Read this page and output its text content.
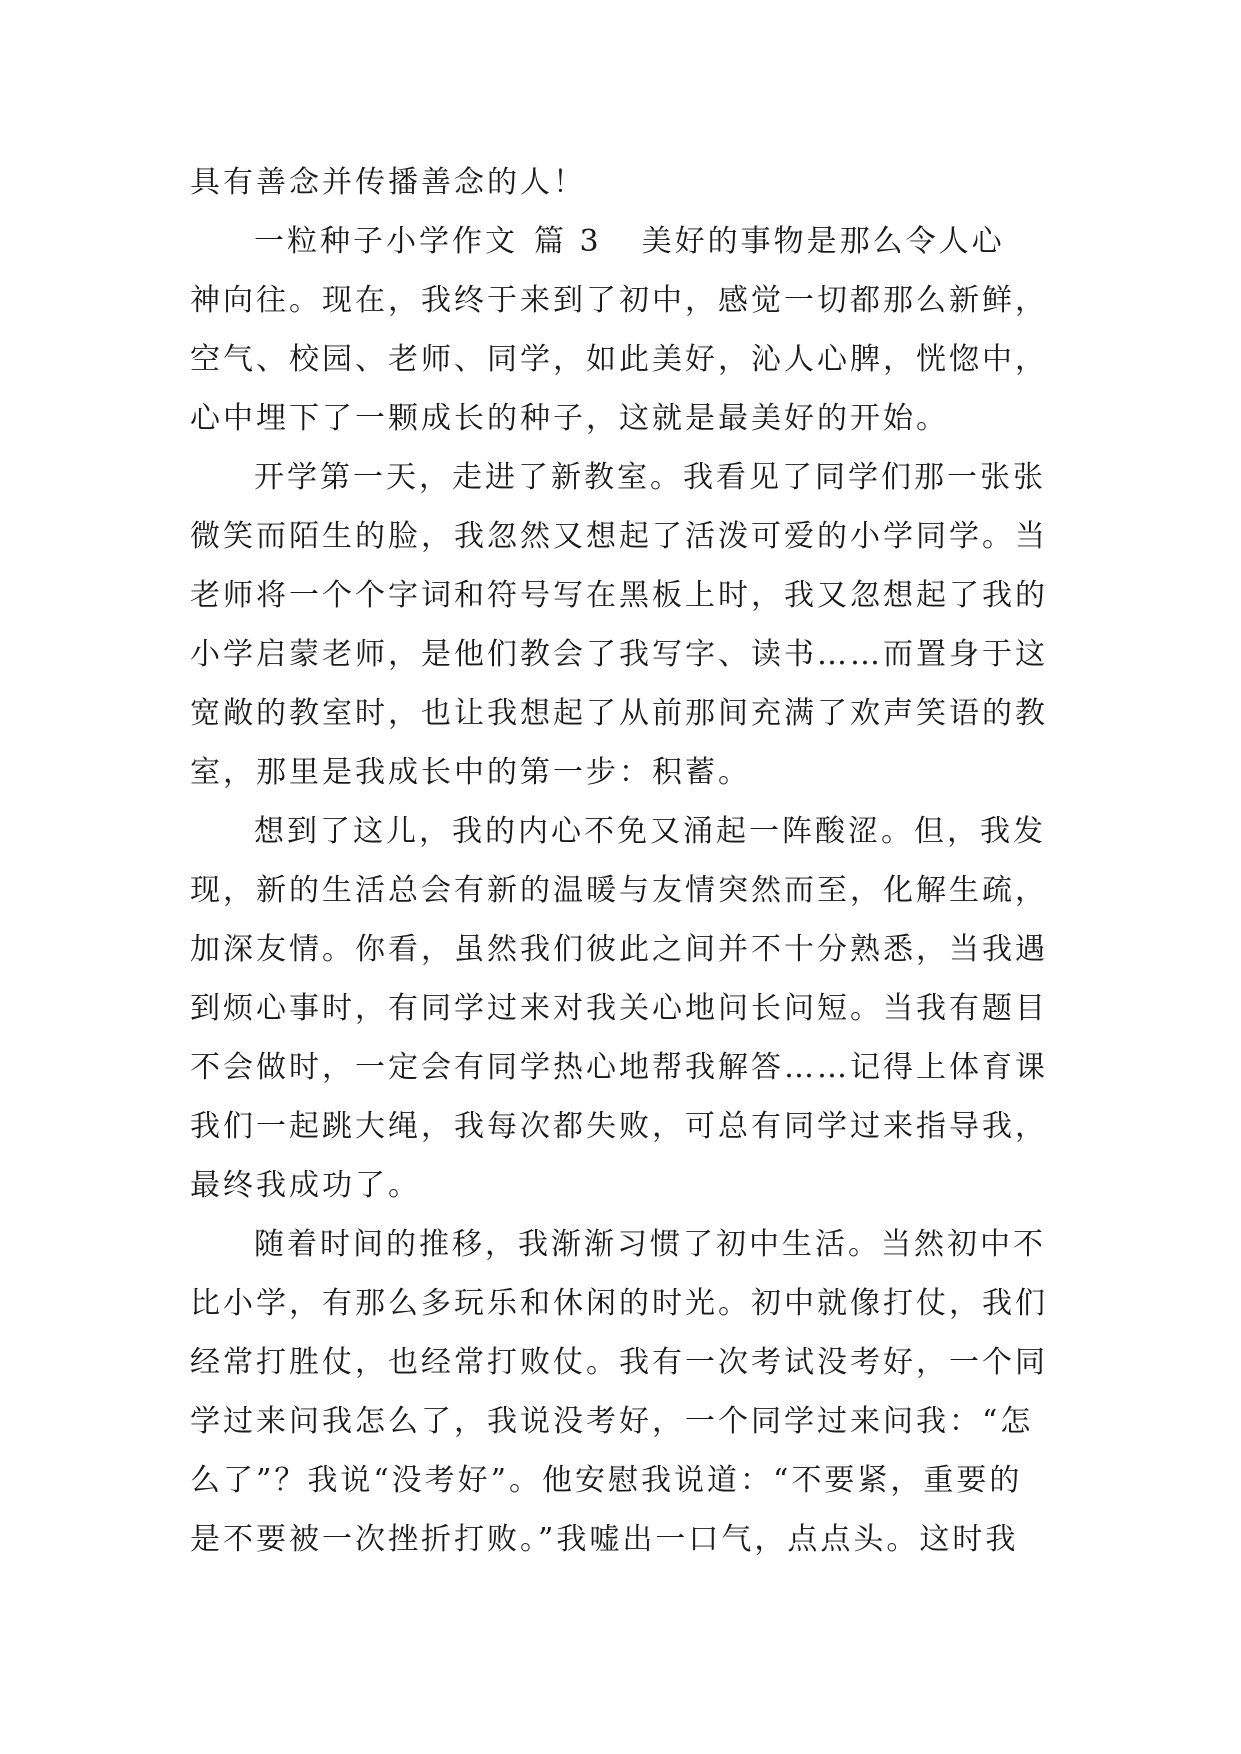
具有善念并传播善念的人！
一粒种子小学作文 篇 3 美好的事物是那么令人心
神向往。现在，我终于来到了初中，感觉一切都那么新鲜，
空气、校园、老师、同学，如此美好，沁人心脾，恍惚中，
心中埋下了一颗成长的种子，这就是最美好的开始。
开学第一天，走进了新教室。我看见了同学们那一张张
微笑而陌生的脸，我忽然又想起了活泼可爱的小学同学。当
老师将一个个字词和符号写在黑板上时，我又忽想起了我的
小学启蒙老师，是他们教会了我写字、读书……而置身于这
宽敞的教室时，也让我想起了从前那间充满了欢声笑语的教
室，那里是我成长中的第一步：积蓄。
想到了这儿，我的内心不免又涌起一阵酸涩。但，我发
现，新的生活总会有新的温暖与友情突然而至，化解生疏，
加深友情。你看，虽然我们彼此之间并不十分熟悉，当我遇
到烦心事时，有同学过来对我关心地问长问短。当我有题目
不会做时，一定会有同学热心地帮我解答……记得上体育课
我们一起跳大绳，我每次都失败，可总有同学过来指导我，
最终我成功了。
随着时间的推移，我渐渐习惯了初中生活。当然初中不
比小学，有那么多玩乐和休闲的时光。初中就像打仗，我们
经常打胜仗，也经常打败仗。我有一次考试没考好，一个同
学过来问我怎么了，我说没考好，一个同学过来问我：“怎
么了”？我说“没考好”。他安慰我说道：“不要紧，重要的
是不要被一次挫折打败。”我嘘出一口气，点点头。这时我
